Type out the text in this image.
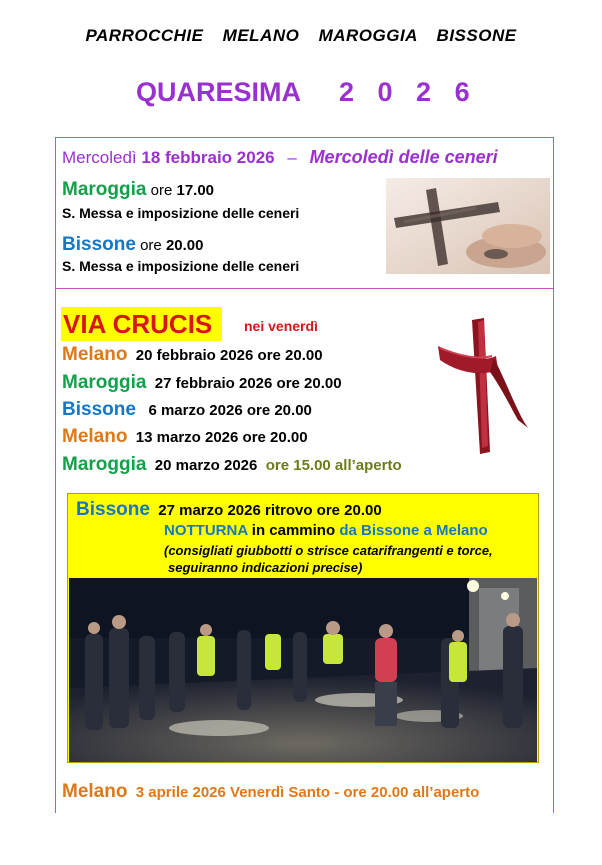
PARROCCHIE MELANO MAROGGIA BISSONE
QUARESIMA 2 0 2 6
Mercoledì 18 febbraio 2026 – Mercoledì delle ceneri
Maroggia ore 17.00
S. Messa e imposizione delle ceneri
Bissone ore 20.00
S. Messa e imposizione delle ceneri
VIA CRUCIS	nei venerdì
Melano 20 febbraio 2026 ore 20.00
Maroggia 27 febbraio 2026 ore 20.00
Bissone 6 marzo 2026 ore 20.00
Melano 13 marzo 2026 ore 20.00
Maroggia 20 marzo 2026 ore 15.00 all’aperto
Bissone 27 marzo 2026 ritrovo ore 20.00
NOTTURNA in cammino da Bissone a Melano
(consigliati giubbotti o strisce catarifrangenti e torce,
seguiranno indicazioni precise)
Melano 3 aprile 2026 Venerdì Santo - ore 20.00 all’aperto
